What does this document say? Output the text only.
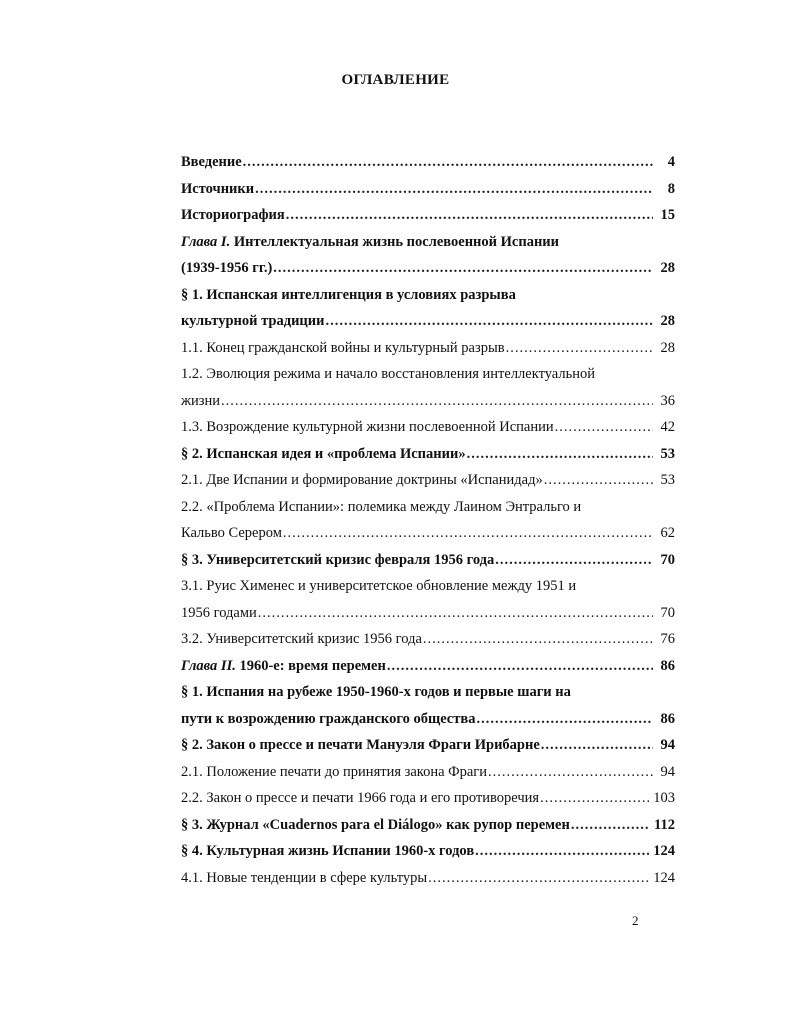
ОГЛАВЛЕНИЕ
Введение .....	4
Источники .....	8
Историография .....	15
Глава I. Интеллектуальная жизнь послевоенной Испании
(1939-1956 гг.) .....	28
§ 1. Испанская интеллигенция в условиях разрыва
культурной традиции .....	28
1.1. Конец гражданской войны и культурный разрыв .....	28
1.2. Эволюция режима и начало восстановления интеллектуальной
жизни .....	36
1.3. Возрождение культурной жизни послевоенной Испании .....	42
§ 2. Испанская идея и «проблема Испании» .....	53
2.1. Две Испании и формирование доктрины «Испанидад» .....	53
2.2. «Проблема Испании»: полемика между Лаином Энтральго и
Кальво Серером .....	62
§ 3. Университетский кризис февраля 1956 года .....	70
3.1. Руис Хименес и университетское обновление между 1951 и
1956 годами .....	70
3.2. Университетский кризис 1956 года .....	76
Глава II.
1960-е: время перемен .....	86
§ 1. Испания на рубеже 1950-1960-х годов и первые шаги на
пути к возрождению гражданского общества .....	86
§ 2. Закон о прессе и печати Мануэля Фраги Ирибарне .....	94
2.1. Положение печати до принятия закона Фраги .....	94
2.2. Закон о прессе и печати 1966 года и его противоречия .....	103
§ 3. Журнал «Cuadernos para el Diálogo» как рупор перемен .....	112
§ 4. Культурная жизнь Испании 1960-х годов .....	124
4.1. Новые тенденции в сфере культуры .....	124
2
